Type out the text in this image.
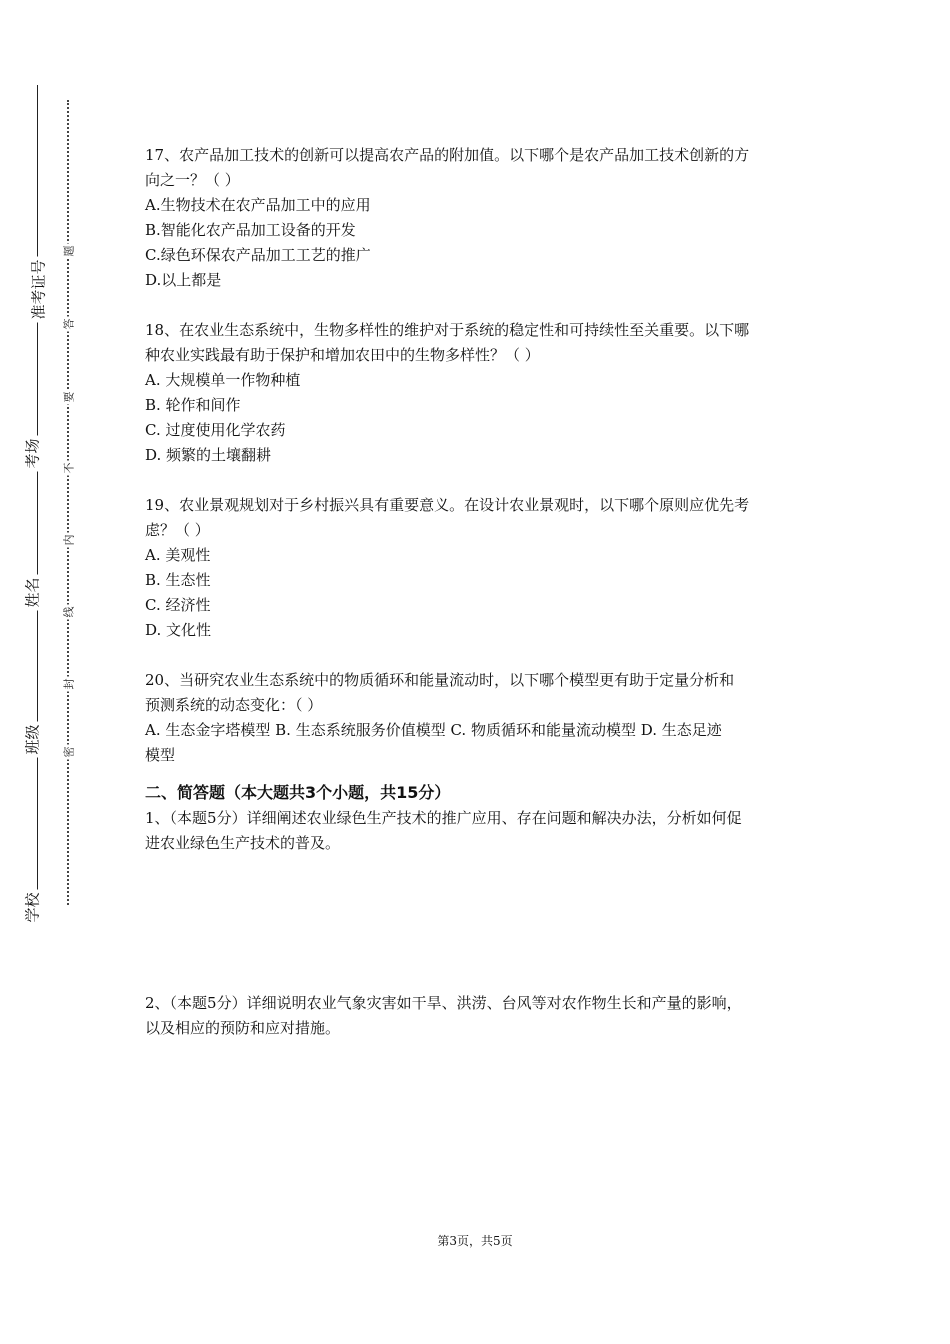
准考证号
考场
姓名
班级
学校
题
答
要
不
内
线
封
密

17、农产品加工技术的创新可以提高农产品的附加值。以下哪个是农产品加工技术创新的方

向之一？（ ）

A.生物技术在农产品加工中的应用

B.智能化农产品加工设备的开发

C.绿色环保农产品加工工艺的推广

D.以上都是

18、在农业生态系统中，生物多样性的维护对于系统的稳定性和可持续性至关重要。以下哪

种农业实践最有助于保护和增加农田中的生物多样性？（ ）

A. 大规模单一作物种植

B. 轮作和间作

C. 过度使用化学农药

D. 频繁的土壤翻耕

19、农业景观规划对于乡村振兴具有重要意义。在设计农业景观时，以下哪个原则应优先考

虑？（ ）

A. 美观性

B. 生态性

C. 经济性

D. 文化性

20、当研究农业生态系统中的物质循环和能量流动时，以下哪个模型更有助于定量分析和

预测系统的动态变化：（ ）

A. 生态金字塔模型 B. 生态系统服务价值模型 C. 物质循环和能量流动模型 D. 生态足迹

模型

二、简答题（本大题共3个小题，共15分）

1、（本题5分）详细阐述农业绿色生产技术的推广应用、存在问题和解决办法，分析如何促

进农业绿色生产技术的普及。

2、（本题5分）详细说明农业气象灾害如干旱、洪涝、台风等对农作物生长和产量的影响，

以及相应的预防和应对措施。

第3页，共5页
